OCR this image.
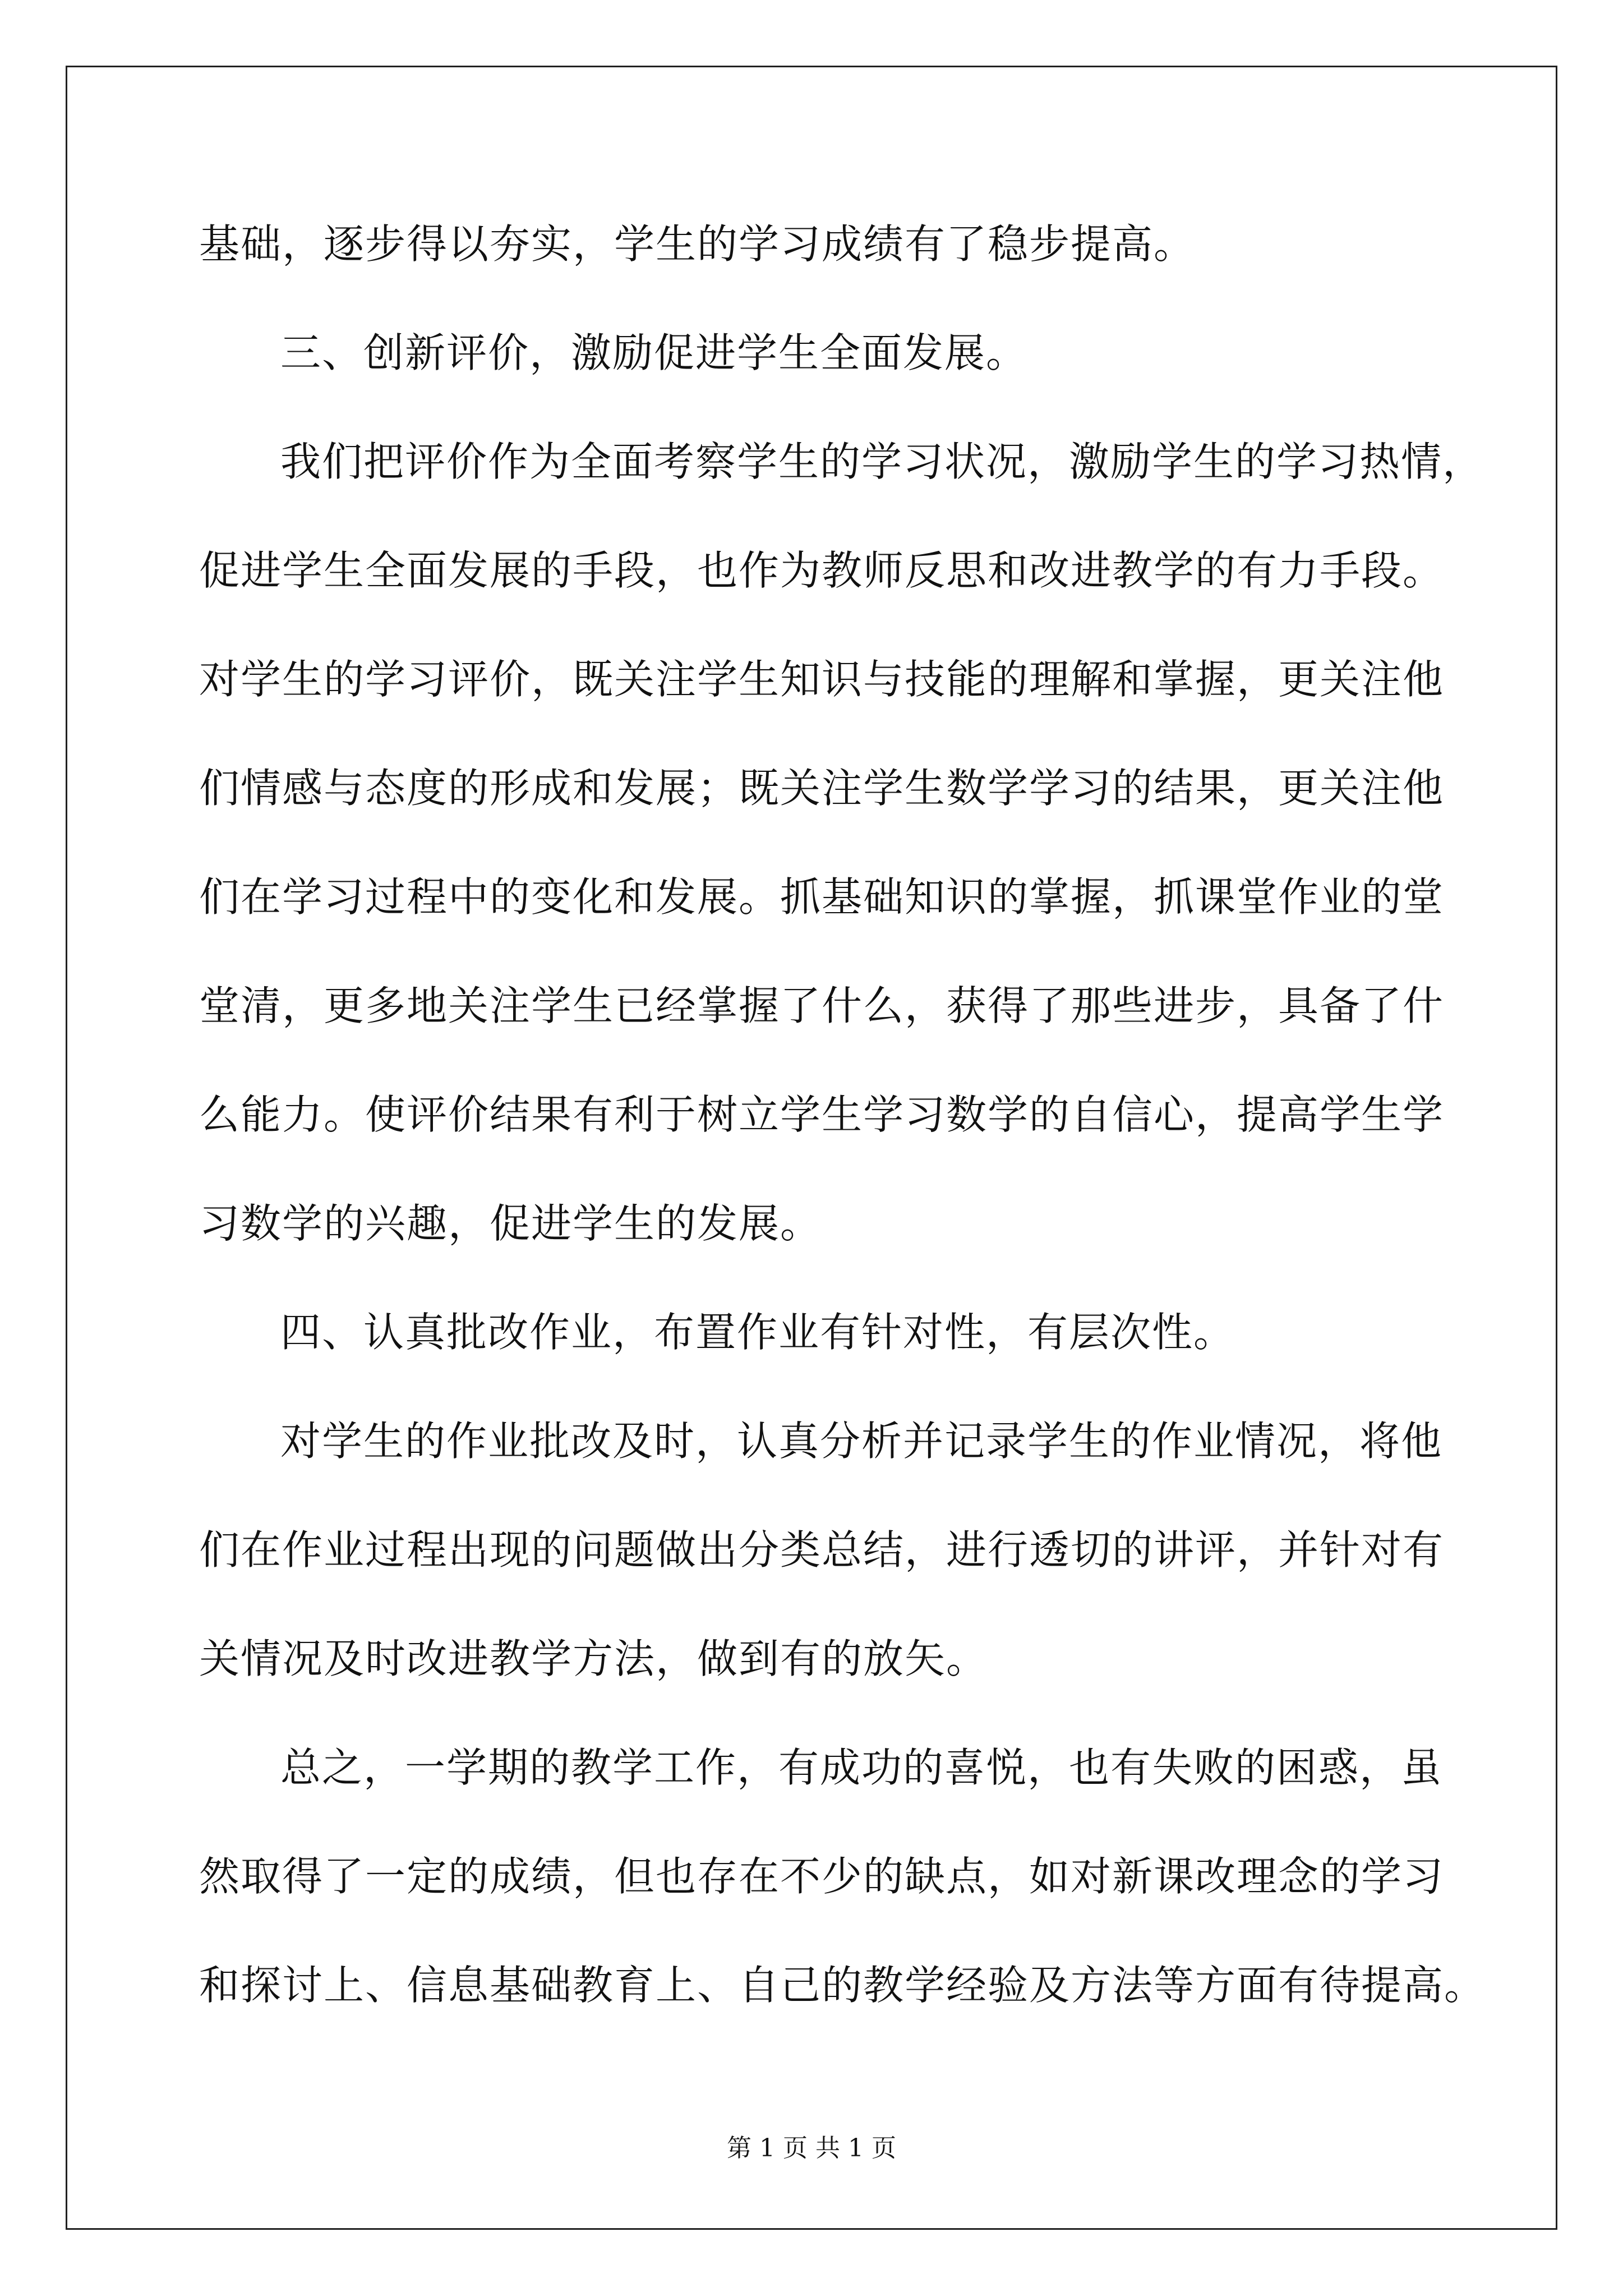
基础，逐步得以夯实，学生的学习成绩有了稳步提高。
三、创新评价，激励促进学生全面发展。
我们把评价作为全面考察学生的学习状况，激励学生的学习热情，
促进学生全面发展的手段，也作为教师反思和改进教学的有力手段。
对学生的学习评价，既关注学生知识与技能的理解和掌握，更关注他
们情感与态度的形成和发展；既关注学生数学学习的结果，更关注他
们在学习过程中的变化和发展。抓基础知识的掌握，抓课堂作业的堂
堂清，更多地关注学生已经掌握了什么，获得了那些进步，具备了什
么能力。使评价结果有利于树立学生学习数学的自信心，提高学生学
习数学的兴趣，促进学生的发展。
四、认真批改作业，布置作业有针对性，有层次性。
对学生的作业批改及时，认真分析并记录学生的作业情况，将他
们在作业过程出现的问题做出分类总结，进行透切的讲评，并针对有
关情况及时改进教学方法，做到有的放矢。
总之，一学期的教学工作，有成功的喜悦，也有失败的困惑，虽
然取得了一定的成绩，但也存在不少的缺点，如对新课改理念的学习
和探讨上、信息基础教育上、自己的教学经验及方法等方面有待提高。
第 1 页 共 1 页
